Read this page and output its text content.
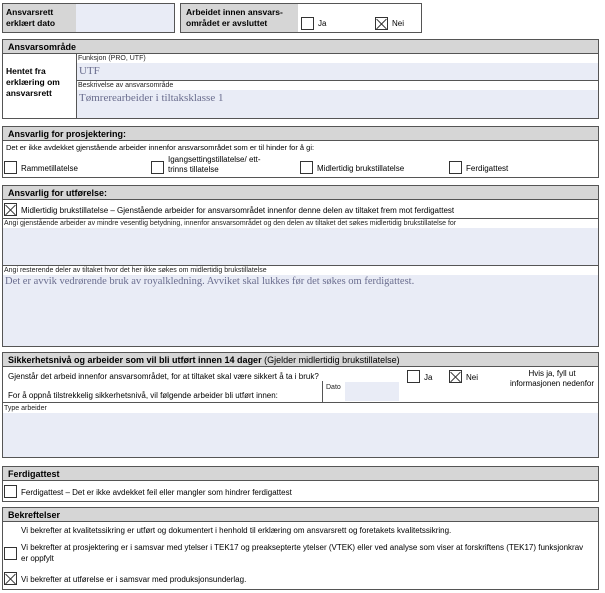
Ansvarsrett erklært dato
Arbeidet innen ansvars-området er avsluttet	Ja	Nei
Ansvarsområde
Hentet fra erklæring om ansvarsrett
Funksjon (PRO, UTF)
UTF
Beskrivelse av ansvarsområde
Tømrerearbeider i tiltaksklasse 1
Ansvarlig for prosjektering:
Det er ikke avdekket gjenstående arbeider innenfor ansvarsområdet som er til hinder for å gi:
Rammetillatelse
Igangsettingstillatelse/ ett-trinns tillatelse	Midlertidig brukstillatelse	Ferdigattest
Ansvarlig for utførelse:
Midlertidig brukstillatelse – Gjenstående arbeider for ansvarsområdet innenfor denne delen av tiltaket frem mot ferdigattest
Angi gjenstående arbeider av mindre vesentlig betydning, innenfor ansvarsområdet og den delen av tiltaket det søkes midlertidig brukstillatelse for
Angi resterende deler av tiltaket hvor det her ikke søkes om midlertidig brukstillatelse
Det er avvik vedrørende bruk av royalkledning. Avviket skal lukkes før det søkes om ferdigattest.
Sikkerhetsnivå og arbeider som vil bli utført innen 14 dager (Gjelder midlertidig brukstillatelse)
Gjenstår det arbeid innenfor ansvarsområdet, for at tiltaket skal være sikkert å ta i bruk?	Ja	Nei	Hvis ja, fyll ut informasjonen nedenfor
For å oppnå tilstrekkelig sikkerhetsnivå, vil følgende arbeider bli utført innen:
Dato
Type arbeider
Ferdigattest
Ferdigattest – Det er ikke avdekket feil eller mangler som hindrer ferdigattest
Bekreftelser
Vi bekrefter at kvalitetssikring er utført og dokumentert i henhold til erklæring om ansvarsrett og foretakets kvalitetssikring.
Vi bekrefter at prosjektering er i samsvar med ytelser i TEK17 og preaksepterte ytelser (VTEK) eller ved analyse som viser at forskriftens (TEK17) funksjonkrav er oppfylt
Vi bekrefter at utførelse er i samsvar med produksjonsunderlag.
